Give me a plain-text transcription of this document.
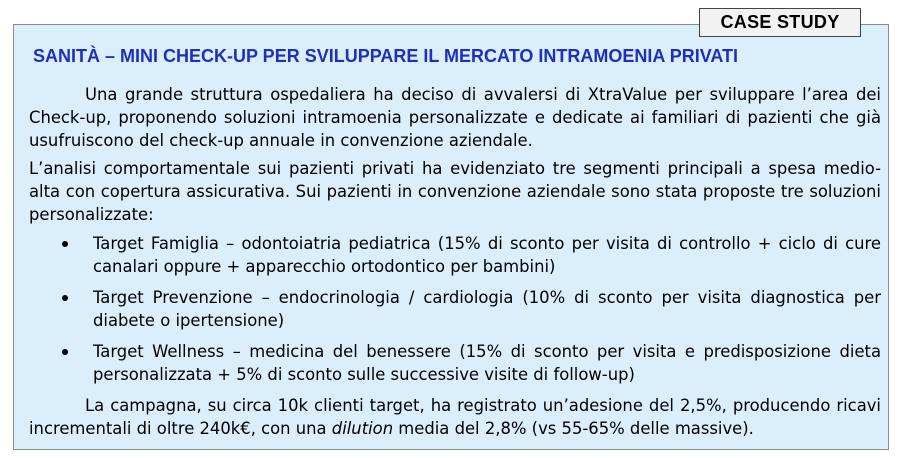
CASE STUDY
SANITÀ – MINI CHECK-UP PER SVILUPPARE IL MERCATO INTRAMOENIA PRIVATI

Una grande struttura ospedaliera ha deciso di avvalersi di XtraValue per sviluppare l’area dei Check-up, proponendo soluzioni intramoenia personalizzate e dedicate ai familiari di pazienti che già usufruiscono del check-up annuale in convenzione aziendale.

L’analisi comportamentale sui pazienti privati ha evidenziato tre segmenti principali a spesa medio-alta con copertura assicurativa. Sui pazienti in convenzione aziendale sono stata proposte tre soluzioni personalizzate:

Target Famiglia – odontoiatria pediatrica (15% di sconto per visita di controllo + ciclo di cure canalari oppure + apparecchio ortodontico per bambini)
Target Prevenzione – endocrinologia / cardiologia (10% di sconto per visita diagnostica per diabete o ipertensione)
Target Wellness – medicina del benessere (15% di sconto per visita e predisposizione dieta personalizzata + 5% di sconto sulle successive visite di follow-up)

La campagna, su circa 10k clienti target, ha registrato un’adesione del 2,5%, producendo ricavi incrementali di oltre 240k€, con una dilution media del 2,8% (vs 55-65% delle massive).
